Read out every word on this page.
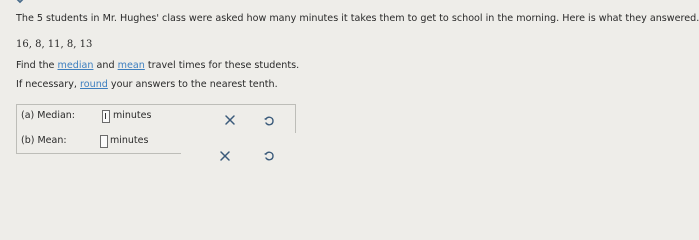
The 5 students in Mr. Hughes' class were asked how many minutes it takes them to get to school in the morning. Here is what they answered.
16, 8, 11, 8, 13
Find the median and mean travel times for these students.
If necessary, round your answers to the nearest tenth.
(a) Median:	minutes
(b) Mean:	minutes
